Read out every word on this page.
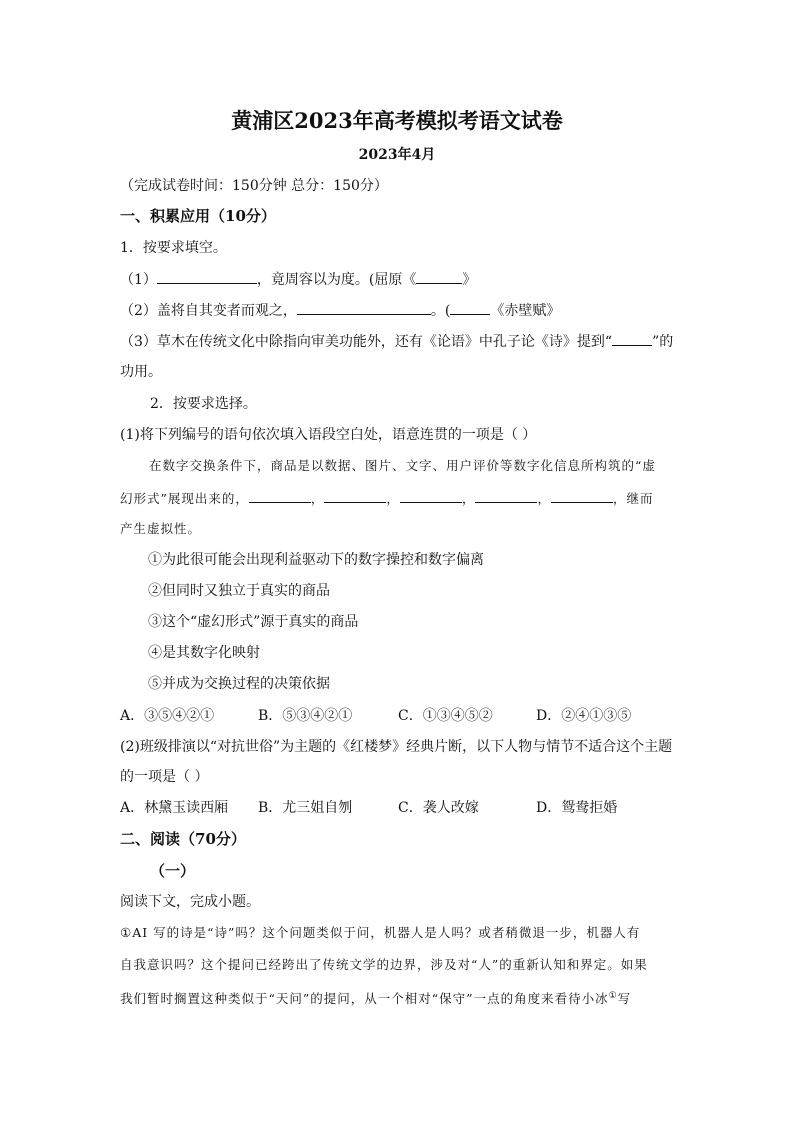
黄浦区2023年高考模拟考语文试卷
2023年4月
（完成试卷时间：150分钟 总分：150分）
一、积累应用（10分）
1．按要求填空。
（1）	，竟周容以为度。(屈原《	》
（2）盖将自其变者而观之，	。(	《赤壁赋》
（3）草木在传统文化中除指向审美功能外，还有《论语》中孔子论《诗》提到“	”的
功用。
2．按要求选择。
(1)将下列编号的语句依次填入语段空白处，语意连贯的一项是（ ）
在数字交换条件下，商品是以数据、图片、文字、用户评价等数字化信息所构筑的“虚
幻形式”展现出来的，	，	，	，	，	，继而
产生虚拟性。
①为此很可能会出现利益驱动下的数字操控和数字偏离
②但同时又独立于真实的商品
③这个“虚幻形式”源于真实的商品
④是其数字化映射
⑤并成为交换过程的决策依据
A．③⑤④②①	B．⑤③④②①	C．①③④⑤②	D．②④①③⑤
(2)班级排演以“对抗世俗”为主题的《红楼梦》经典片断，以下人物与情节不适合这个主题
的一项是（ ）
A．林黛玉读西厢 B．尤三姐自刎	C．袭人改嫁	D．鸳鸯拒婚
二、阅读（70分）
（一）
阅读下文，完成小题。
①AI 写的诗是“诗”吗？这个问题类似于问，机器人是人吗？或者稍微退一步，机器人有
自我意识吗？这个提问已经跨出了传统文学的边界，涉及对“人”的重新认知和界定。如果
我们暂时搁置这种类似于“天问”的提问，从一个相对“保守”一点的角度来看待小冰①写
